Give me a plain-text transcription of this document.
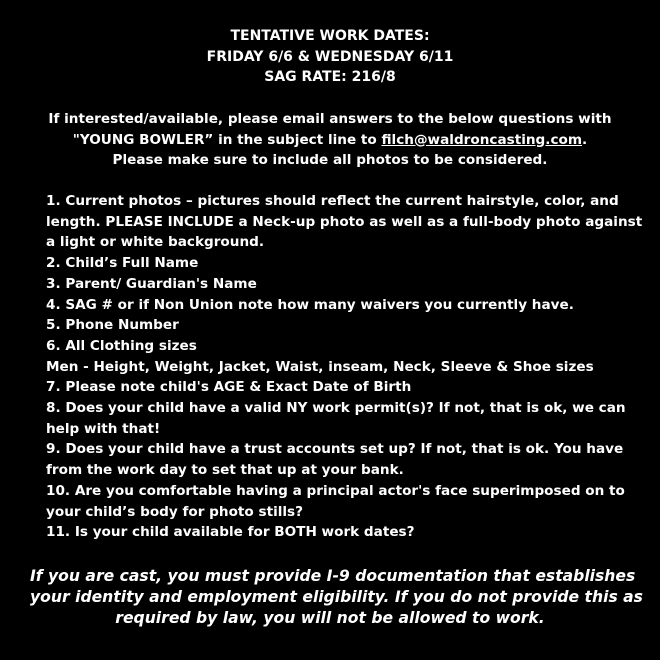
TENTATIVE WORK DATES:
FRIDAY 6/6 & WEDNESDAY 6/11
SAG RATE: 216/8
If interested/available, please email answers to the below questions with
"YOUNG BOWLER” in the subject line to filch@waldroncasting.com.
Please make sure to include all photos to be considered.
1. Current photos – pictures should reflect the current hairstyle, color, and
length. PLEASE INCLUDE a Neck-up photo as well as a full-body photo against
a light or white background.
2. Child’s Full Name
3. Parent/ Guardian's Name
4. SAG # or if Non Union note how many waivers you currently have.
5. Phone Number
6. All Clothing sizes
Men - Height, Weight, Jacket, Waist, inseam, Neck, Sleeve & Shoe sizes
7. Please note child's AGE & Exact Date of Birth
8. Does your child have a valid NY work permit(s)? If not, that is ok, we can
help with that!
9. Does your child have a trust accounts set up? If not, that is ok. You have
from the work day to set that up at your bank.
10. Are you comfortable having a principal actor's face superimposed on to
your child’s body for photo stills?
11. Is your child available for BOTH work dates?
If you are cast, you must provide I-9 documentation that establishes
your identity and employment eligibility. If you do not provide this as
required by law, you will not be allowed to work.
